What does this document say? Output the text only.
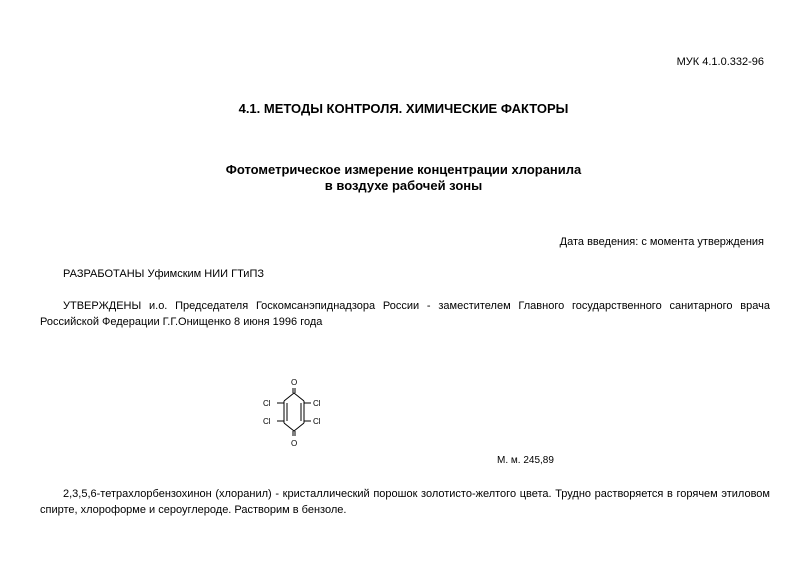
МУК 4.1.0.332-96
4.1. МЕТОДЫ КОНТРОЛЯ. ХИМИЧЕСКИЕ ФАКТОРЫ
Фотометрическое измерение концентрации хлоранила
в воздухе рабочей зоны
Дата введения: с момента утверждения
РАЗРАБОТАНЫ Уфимским НИИ ГТиПЗ
УТВЕРЖДЕНЫ и.о. Председателя Госкомсанэпиднадзора России - заместителем Главного государственного санитарного врача Российской Федерации Г.Г.Онищенко 8 июня 1996 года
O
O
Cl	Cl
Cl	Cl
М. м. 245,89
2,3,5,6-тетрахлорбензохинон (хлоранил) - кристаллический порошок золотисто-желтого цвета. Трудно растворяется в горячем этиловом спирте, хлороформе и сероуглероде. Растворим в бензоле.
